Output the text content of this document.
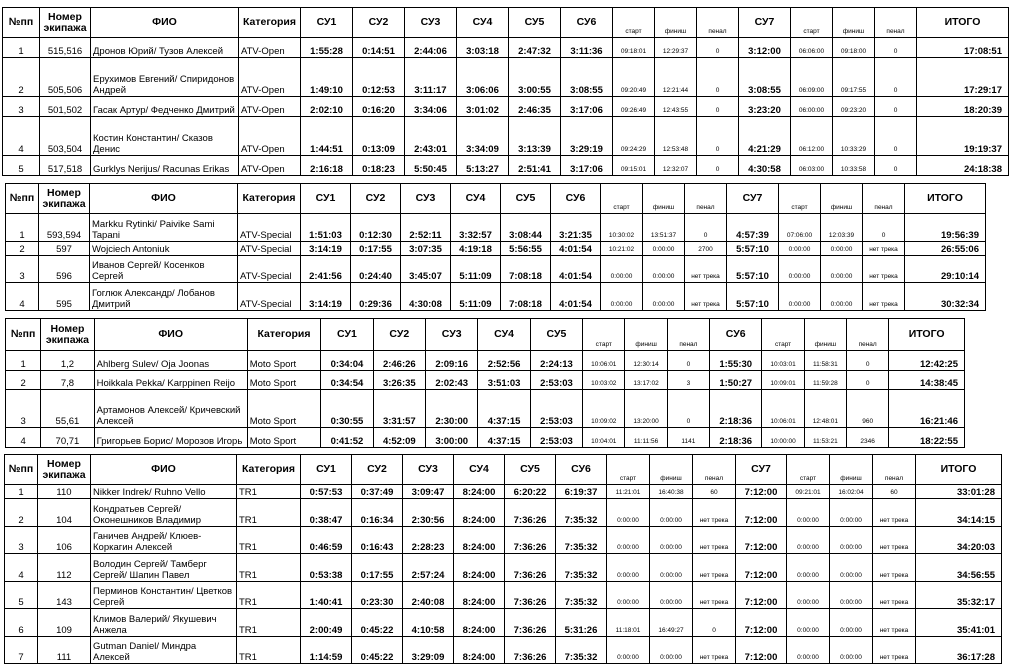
№пп	Номер экипажа	ФИО	Категория	СУ1	СУ2	СУ3	СУ4	СУ5	СУ6	старт	финиш	пенал	СУ7	старт	финиш	пенал	ИТОГО
1	515,516	Дронов Юрий/ Тузов Алексей	ATV-Open	1:55:28	0:14:51	2:44:06	3:03:18	2:47:32	3:11:36	09:18:01	12:29:37	0	3:12:00	06:06:00	09:18:00	0	17:08:51
2	505,506	Ерухимов Евгений/ Спиридонов Андрей	ATV-Open	1:49:10	0:12:53	3:11:17	3:06:06	3:00:55	3:08:55	09:20:49	12:21:44	0	3:08:55	06:09:00	09:17:55	0	17:29:17
3	501,502	Гасак Артур/ Федченко Дмитрий	ATV-Open	2:02:10	0:16:20	3:34:06	3:01:02	2:46:35	3:17:06	09:26:49	12:43:55	0	3:23:20	06:00:00	09:23:20	0	18:20:39
4	503,504	Костин Константин/ Сказов Денис	ATV-Open	1:44:51	0:13:09	2:43:01	3:34:09	3:13:39	3:29:19	09:24:29	12:53:48	0	4:21:29	06:12:00	10:33:29	0	19:19:37
5	517,518	Gurklys Nerijus/ Racunas Erikas	ATV-Open	2:16:18	0:18:23	5:50:45	5:13:27	2:51:41	3:17:06	09:15:01	12:32:07	0	4:30:58	06:03:00	10:33:58	0	24:18:38
№пп	Номер экипажа	ФИО	Категория	СУ1	СУ2	СУ3	СУ4	СУ5	СУ6	старт	финиш	пенал	СУ7	старт	финиш	пенал	ИТОГО
1	593,594	Markku Rytinki/ Paivike Sami Tapani	ATV-Special	1:51:03	0:12:30	2:52:11	3:32:57	3:08:44	3:21:35	10:30:02	13:51:37	0	4:57:39	07:06:00	12:03:39	0	19:56:39
2	597	Wojciech Antoniuk	ATV-Special	3:14:19	0:17:55	3:07:35	4:19:18	5:56:55	4:01:54	10:21:02	0:00:00	2700	5:57:10	0:00:00	0:00:00	нет трека	26:55:06
3	596	Иванов Сергей/ Косенков Сергей	ATV-Special	2:41:56	0:24:40	3:45:07	5:11:09	7:08:18	4:01:54	0:00:00	0:00:00	нет трека	5:57:10	0:00:00	0:00:00	нет трека	29:10:14
4	595	Гоглюк Александр/ Лобанов Дмитрий	ATV-Special	3:14:19	0:29:36	4:30:08	5:11:09	7:08:18	4:01:54	0:00:00	0:00:00	нет трека	5:57:10	0:00:00	0:00:00	нет трека	30:32:34
№пп	Номер экипажа	ФИО	Категория	СУ1	СУ2	СУ3	СУ4	СУ5	старт	финиш	пенал	СУ6	старт	финиш	пенал	ИТОГО
1	1,2	Ahlberg Sulev/ Oja Joonas	Moto Sport	0:34:04	2:46:26	2:09:16	2:52:56	2:24:13	10:06:01	12:30:14	0	1:55:30	10:03:01	11:58:31	0	12:42:25
2	7,8	Hoikkala Pekka/ Karppinen Reijo	Moto Sport	0:34:54	3:26:35	2:02:43	3:51:03	2:53:03	10:03:02	13:17:02	3	1:50:27	10:09:01	11:59:28	0	14:38:45
3	55,61	Артамонов Алексей/ Кричевский Алексей	Moto Sport	0:30:55	3:31:57	2:30:00	4:37:15	2:53:03	10:09:02	13:20:00	0	2:18:36	10:06:01	12:48:01	960	16:21:46
4	70,71	Григорьев Борис/ Морозов Игорь	Moto Sport	0:41:52	4:52:09	3:00:00	4:37:15	2:53:03	10:04:01	11:11:56	1141	2:18:36	10:00:00	11:53:21	2346	18:22:55
№пп	Номер экипажа	ФИО	Категория	СУ1	СУ2	СУ3	СУ4	СУ5	СУ6	старт	финиш	пенал	СУ7	старт	финиш	пенал	ИТОГО
1	110	Nikker Indrek/ Ruhno Vello	TR1	0:57:53	0:37:49	3:09:47	8:24:00	6:20:22	6:19:37	11:21:01	16:40:38	60	7:12:00	09:21:01	16:02:04	60	33:01:28
2	104	Кондратьев Сергей/ Оконешников Владимир	TR1	0:38:47	0:16:34	2:30:56	8:24:00	7:36:26	7:35:32	0:00:00	0:00:00	нет трека	7:12:00	0:00:00	0:00:00	нет трека	34:14:15
3	106	Ганичев Андрей/ Клюев-Коркагин Алексей	TR1	0:46:59	0:16:43	2:28:23	8:24:00	7:36:26	7:35:32	0:00:00	0:00:00	нет трека	7:12:00	0:00:00	0:00:00	нет трека	34:20:03
4	112	Володин Сергей/ Тамберг Сергей/ Шапин Павел	TR1	0:53:38	0:17:55	2:57:24	8:24:00	7:36:26	7:35:32	0:00:00	0:00:00	нет трека	7:12:00	0:00:00	0:00:00	нет трека	34:56:55
5	143	Перминов Константин/ Цветков Сергей	TR1	1:40:41	0:23:30	2:40:08	8:24:00	7:36:26	7:35:32	0:00:00	0:00:00	нет трека	7:12:00	0:00:00	0:00:00	нет трека	35:32:17
6	109	Климов Валерий/ Якушевич Анжела	TR1	2:00:49	0:45:22	4:10:58	8:24:00	7:36:26	5:31:26	11:18:01	16:49:27	0	7:12:00	0:00:00	0:00:00	нет трека	35:41:01
7	111	Gutman Daniel/ Миндра Алексей	TR1	1:14:59	0:45:22	3:29:09	8:24:00	7:36:26	7:35:32	0:00:00	0:00:00	нет трека	7:12:00	0:00:00	0:00:00	нет трека	36:17:28
